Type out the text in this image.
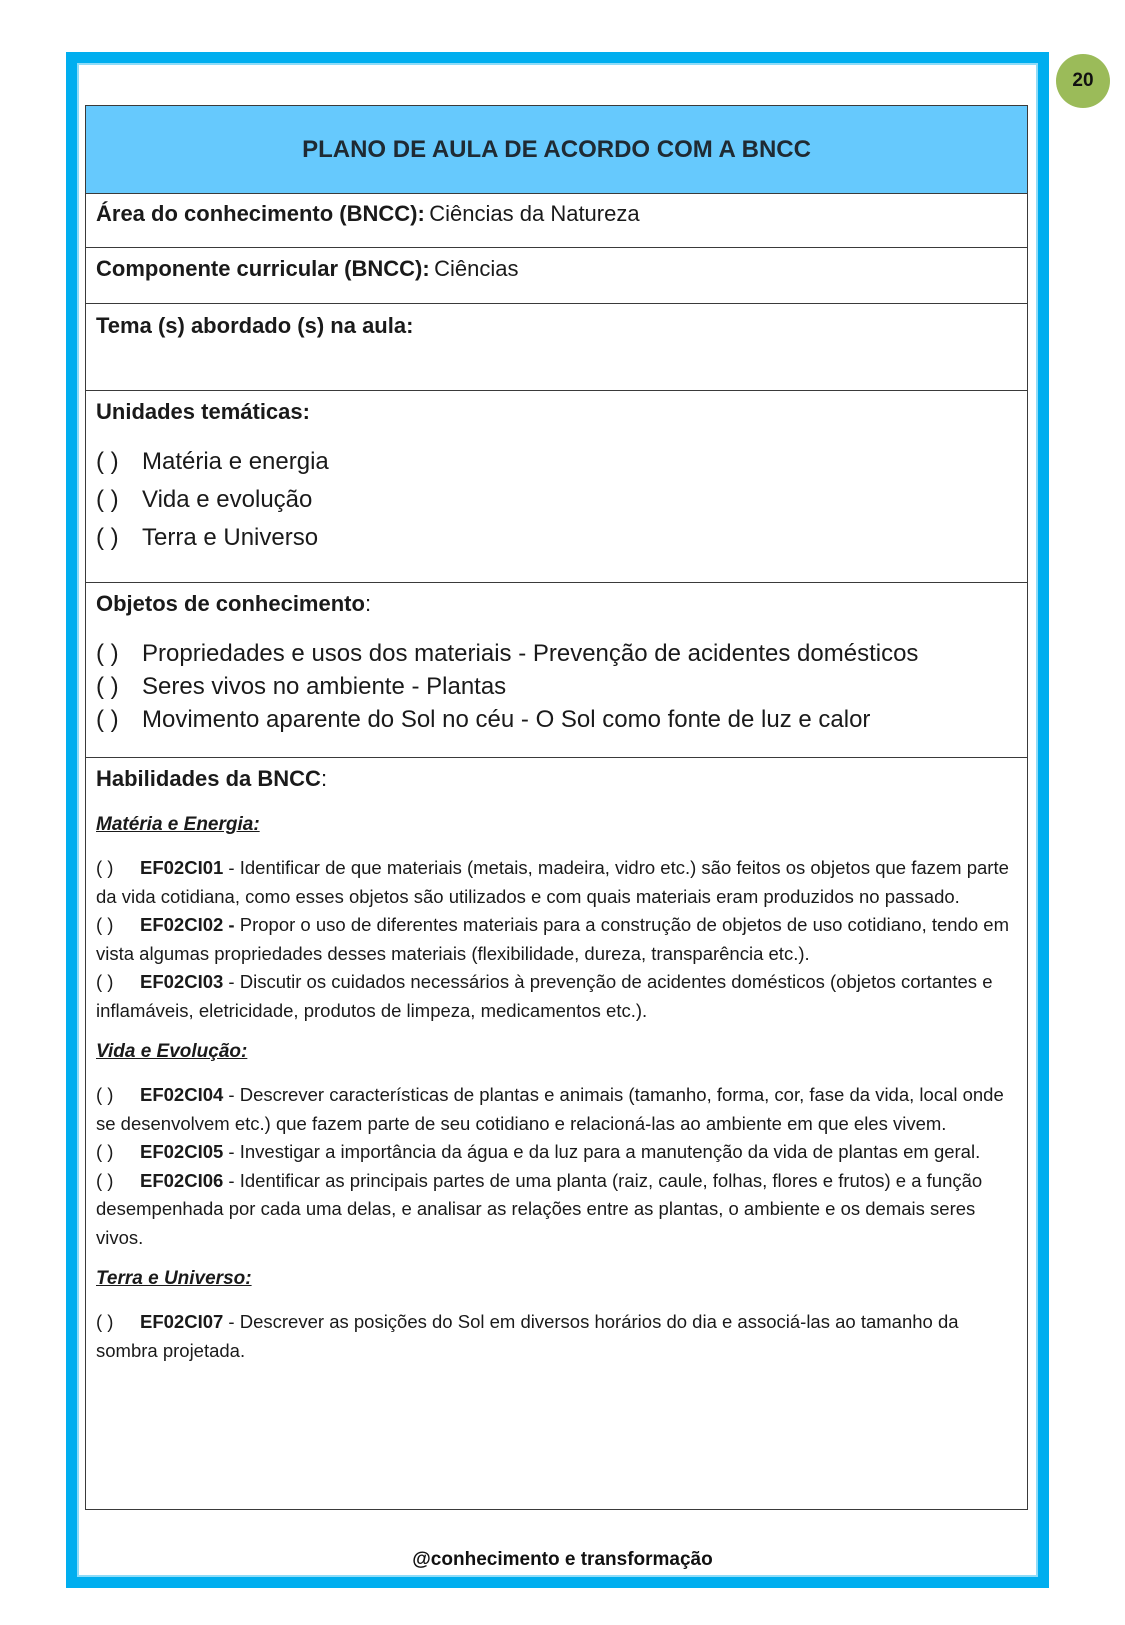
20
PLANO DE AULA DE ACORDO COM A BNCC
Área do conhecimento (BNCC): Ciências da Natureza
Componente curricular (BNCC): Ciências
Tema (s) abordado (s) na aula:
Unidades temáticas:
( ) Matéria e energia
( ) Vida e evolução
( ) Terra e Universo
Objetos de conhecimento:
( ) Propriedades e usos dos materiais - Prevenção de acidentes domésticos
( ) Seres vivos no ambiente - Plantas
( ) Movimento aparente do Sol no céu - O Sol como fonte de luz e calor
Habilidades da BNCC:
Matéria e Energia:
( ) EF02CI01 - Identificar de que materiais (metais, madeira, vidro etc.) são feitos os objetos que fazem parte da vida cotidiana, como esses objetos são utilizados e com quais materiais eram produzidos no passado.
( ) EF02CI02 - Propor o uso de diferentes materiais para a construção de objetos de uso cotidiano, tendo em vista algumas propriedades desses materiais (flexibilidade, dureza, transparência etc.).
( ) EF02CI03 - Discutir os cuidados necessários à prevenção de acidentes domésticos (objetos cortantes e inflamáveis, eletricidade, produtos de limpeza, medicamentos etc.).
Vida e Evolução:
( ) EF02CI04 - Descrever características de plantas e animais (tamanho, forma, cor, fase da vida, local onde se desenvolvem etc.) que fazem parte de seu cotidiano e relacioná-las ao ambiente em que eles vivem.
( ) EF02CI05 - Investigar a importância da água e da luz para a manutenção da vida de plantas em geral.
( ) EF02CI06 - Identificar as principais partes de uma planta (raiz, caule, folhas, flores e frutos) e a função desempenhada por cada uma delas, e analisar as relações entre as plantas, o ambiente e os demais seres vivos.
Terra e Universo:
( ) EF02CI07 - Descrever as posições do Sol em diversos horários do dia e associá-las ao tamanho da sombra projetada.
@conhecimento e transformação
